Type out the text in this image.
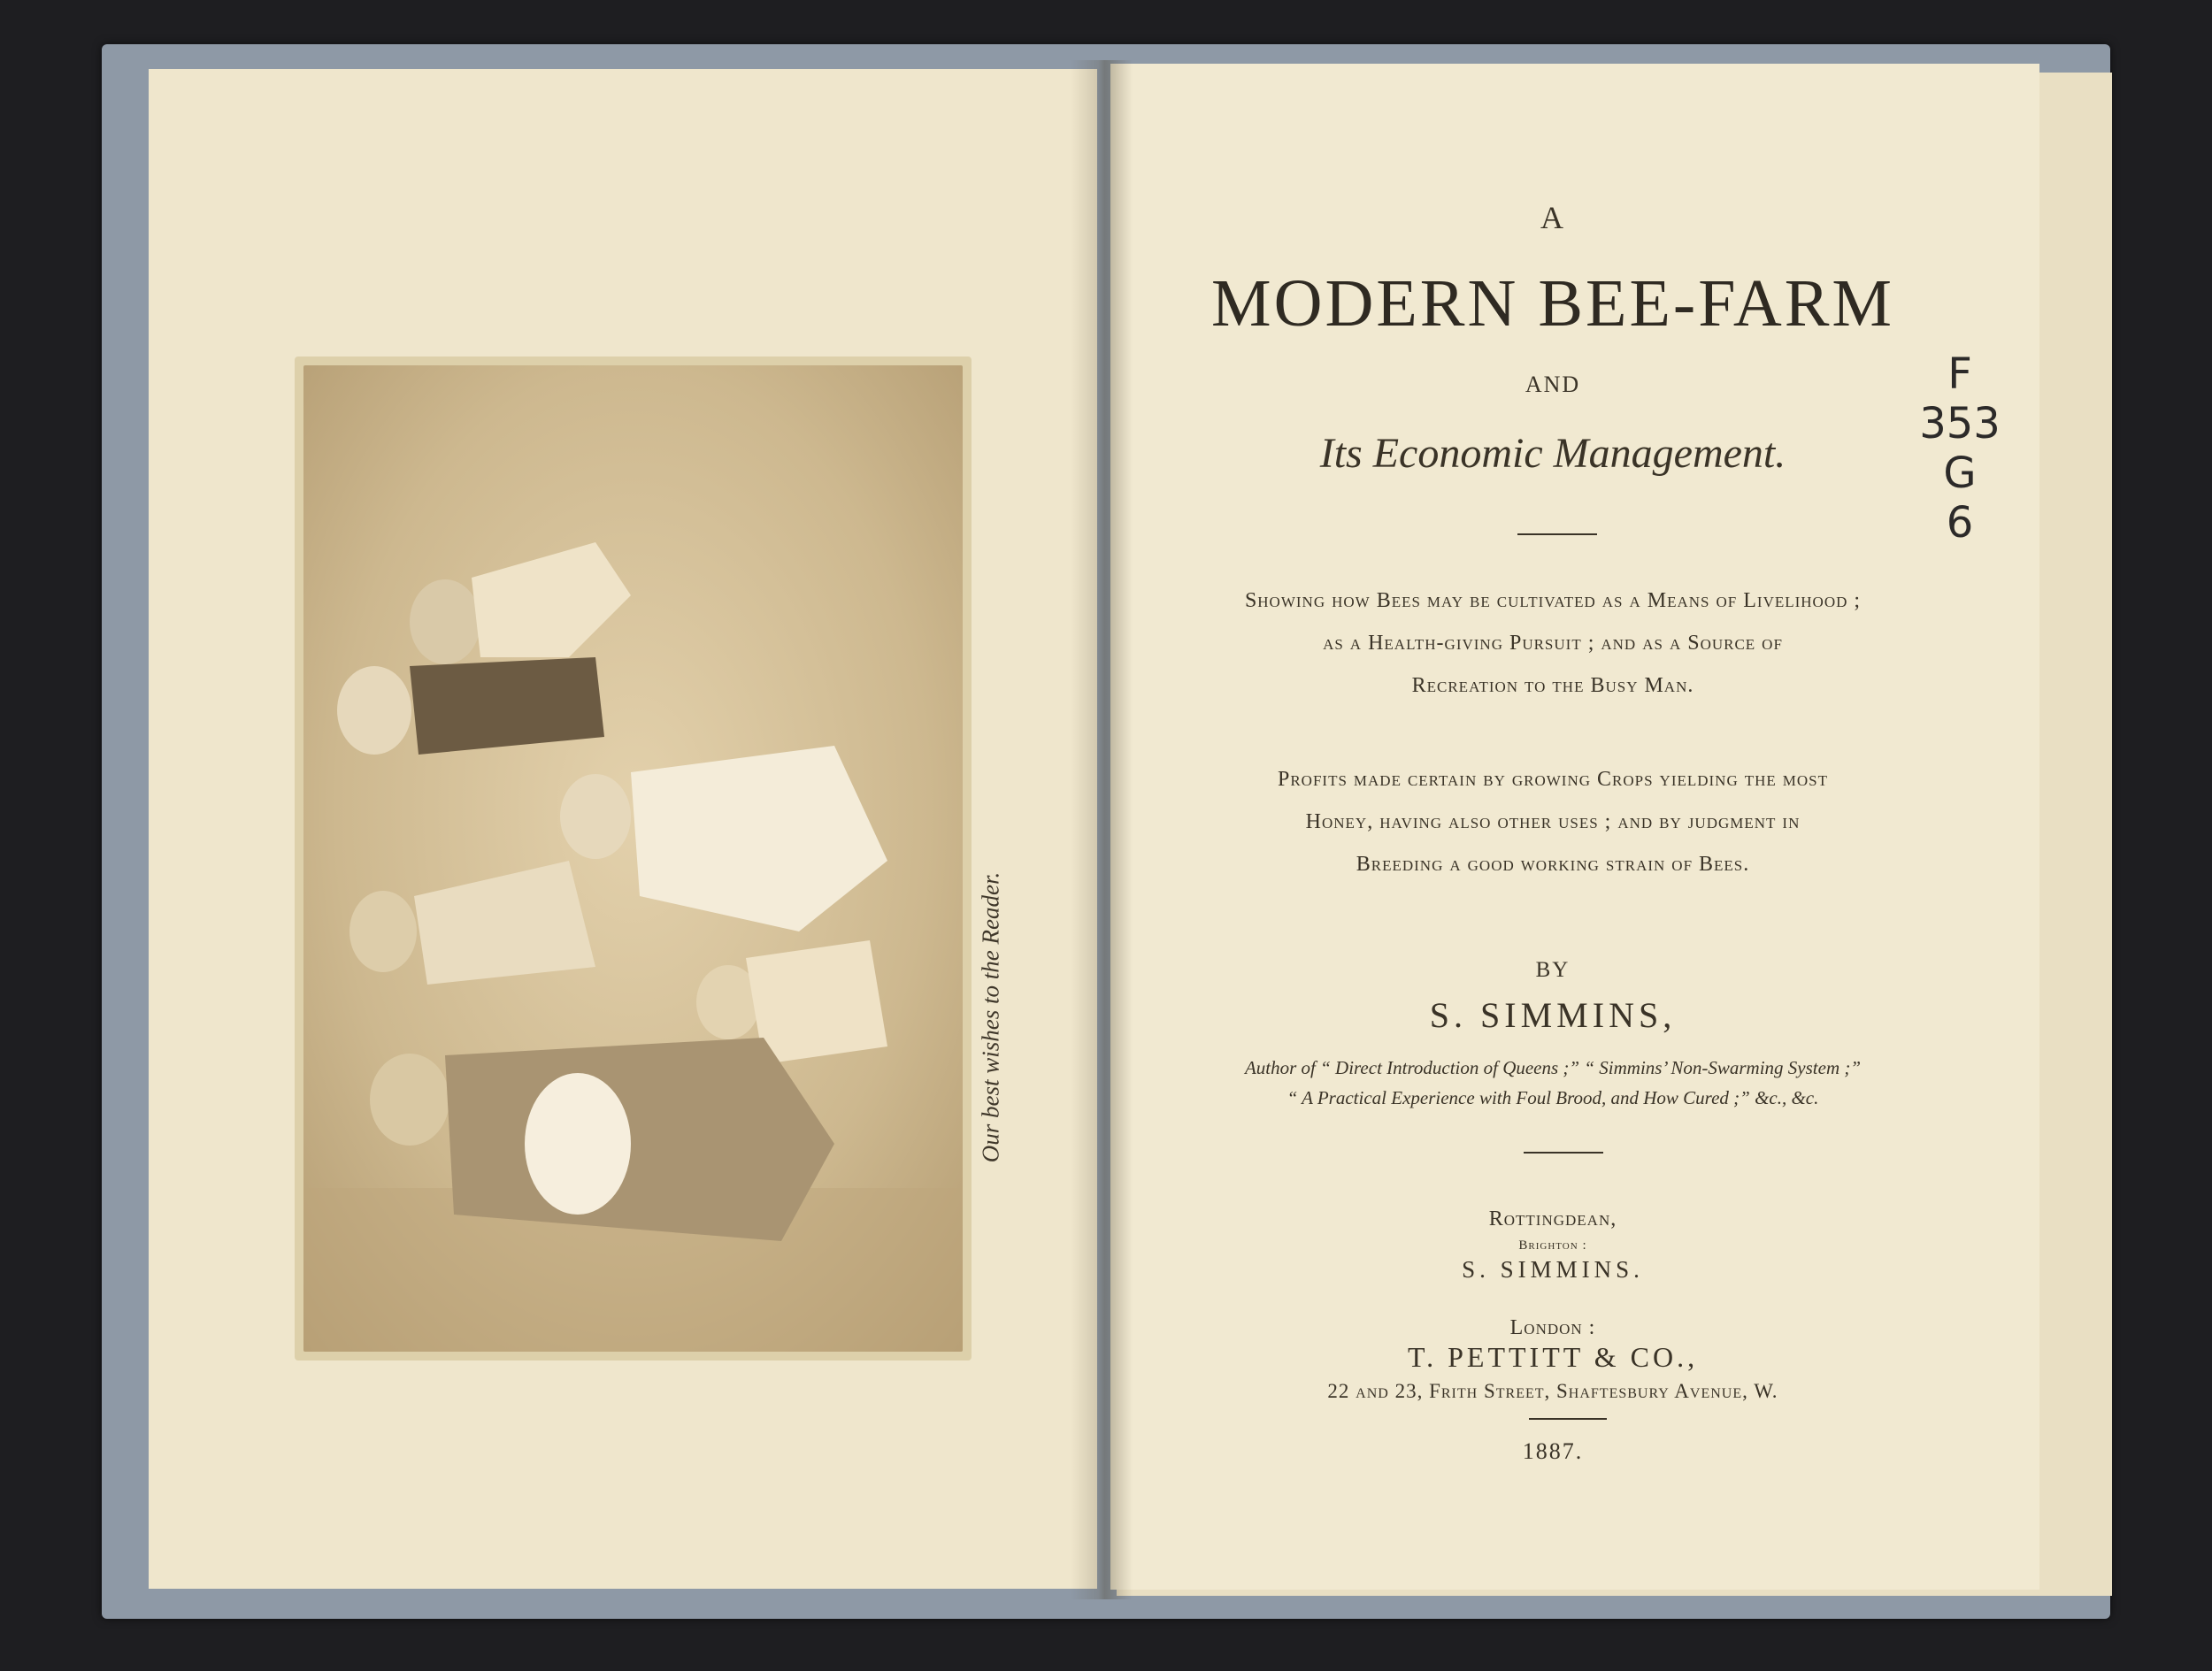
Our best wishes to the Reader.
A
MODERN BEE-FARM
AND
Its Economic Management.
Showing how Bees may be cultivated as a Means of Livelihood ;
as a Health-giving Pursuit ; and as a Source of
Recreation to the Busy Man.
Profits made certain by growing Crops yielding the most
Honey, having also other uses ; and by judgment in
Breeding a good working strain of Bees.
BY
S. SIMMINS,
Author of “ Direct Introduction of Queens ;” “ Simmins’ Non-Swarming System ;”
“ A Practical Experience with Foul Brood, and How Cured ;” &c., &c.
Rottingdean,
Brighton :
S. SIMMINS.
London :
T. PETTITT & CO.,
22 and 23, Frith Street, Shaftesbury Avenue, W.
1887.
F
353
G
6
